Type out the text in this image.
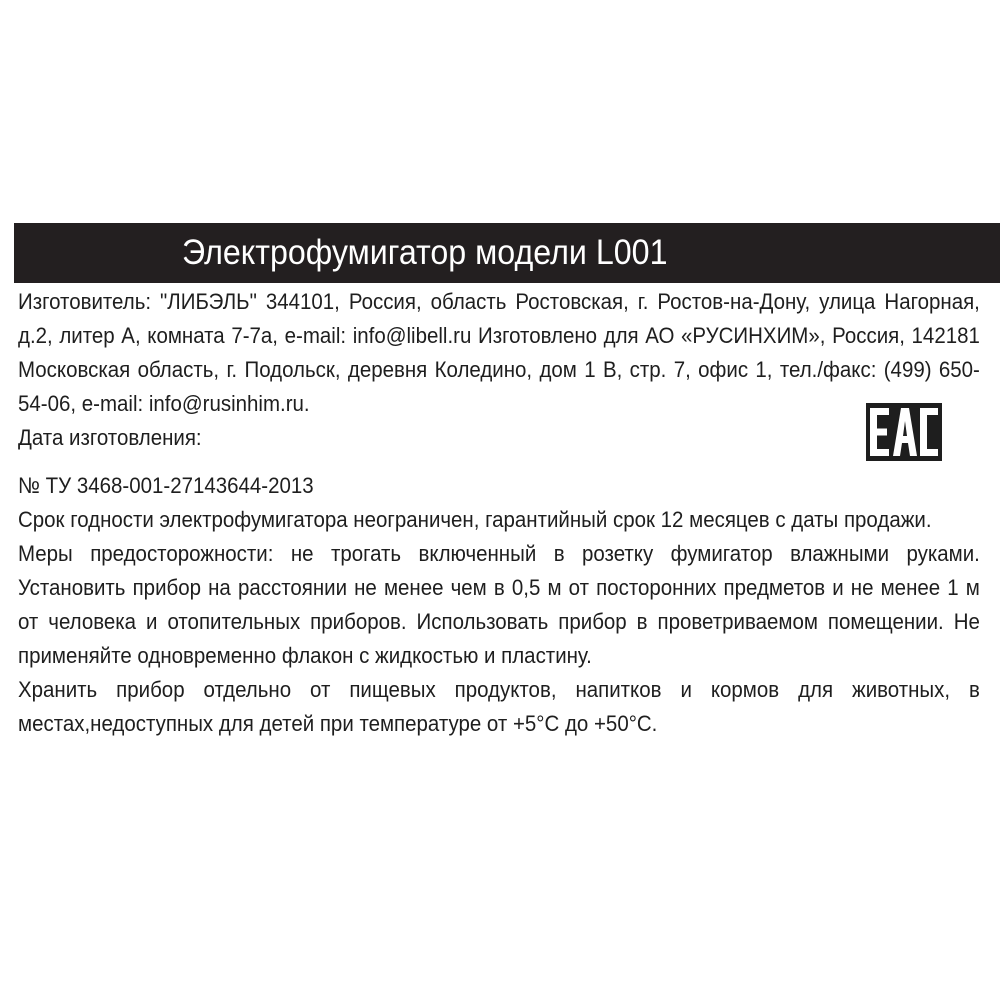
Электрофумигатор модели L001

Изготовитель: "ЛИБЭЛЬ" 344101, Россия, область Ростовская, г. Ростов-на-Дону, улица Нагорная, д.2, литер А, комната 7-7а, e-mail: info@libell.ru Изготовлено для АО «РУСИНХИМ», Россия, 142181 Московская область, г. Подольск, деревня Коледино, дом 1 В, стр. 7, офис 1, тел./факс: (499) 650-54-06, e-mail: info@rusinhim.ru.

Дата изготовления:

№ ТУ 3468-001-27143644-2013

Срок годности электрофумигатора неограничен, гарантийный срок 12 месяцев с даты продажи.

Меры предосторожности: не трогать включенный в розетку фумигатор влажными руками. Установить прибор на расстоянии не менее чем в 0,5 м от посторонних предметов и не менее 1 м от человека и отопительных приборов. Использовать прибор в проветриваемом помещении. Не применяйте одновременно флакон с жидкостью и пластину.

Хранить прибор отдельно от пищевых продуктов, напитков и кормов для животных, в местах,недоступных для детей при температуре от +5°C до +50°C.
